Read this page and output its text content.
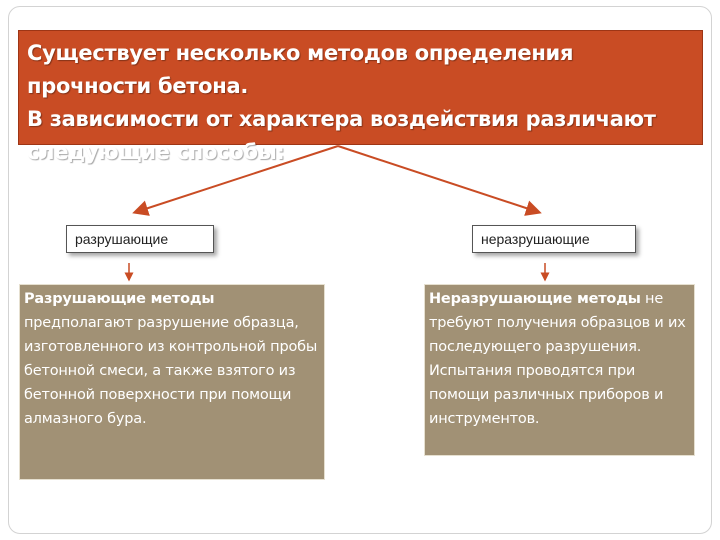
Существует несколько методов определения прочности бетона.
В зависимости от характера воздействия различают
следующие способы:
разрушающие	неразрушающие
Разрушающие методы предполагают разрушение образца, изготовленного из контрольной пробы бетонной смеси, а также взятого из бетонной поверхности при помощи алмазного бура.
Неразрушающие методы не требуют получения образцов и их последующего разрушения. Испытания проводятся при помощи различных приборов и инструментов.
